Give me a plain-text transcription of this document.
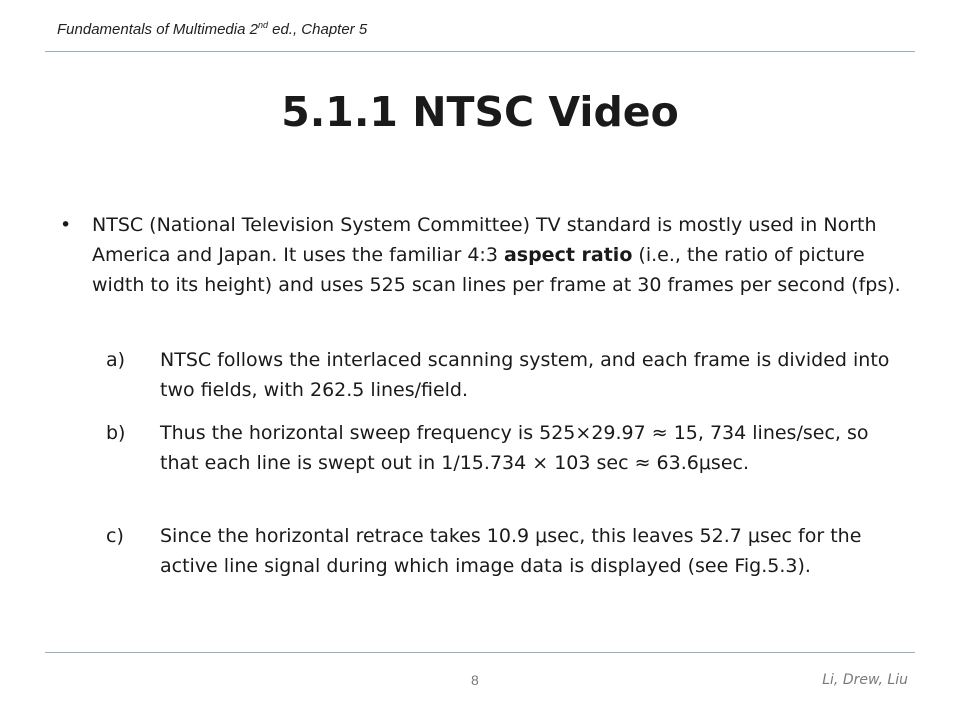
Fundamentals of Multimedia 2nd ed., Chapter 5
5.1.1 NTSC Video
• NTSC (National Television System Committee) TV standard is mostly used in North America and Japan. It uses the familiar 4:3 aspect ratio (i.e., the ratio of picture width to its height) and uses 525 scan lines per frame at 30 frames per second (fps).

a) NTSC follows the interlaced scanning system, and each frame is divided into two fields, with 262.5 lines/field.
b) Thus the horizontal sweep frequency is 525×29.97 ≈ 15, 734 lines/sec, so that each line is swept out in 1/15.734 × 103 sec ≈ 63.6μsec.
c) Since the horizontal retrace takes 10.9 μsec, this leaves 52.7 μsec for the active line signal during which image data is displayed (see Fig.5.3).
8	Li, Drew, Liu
